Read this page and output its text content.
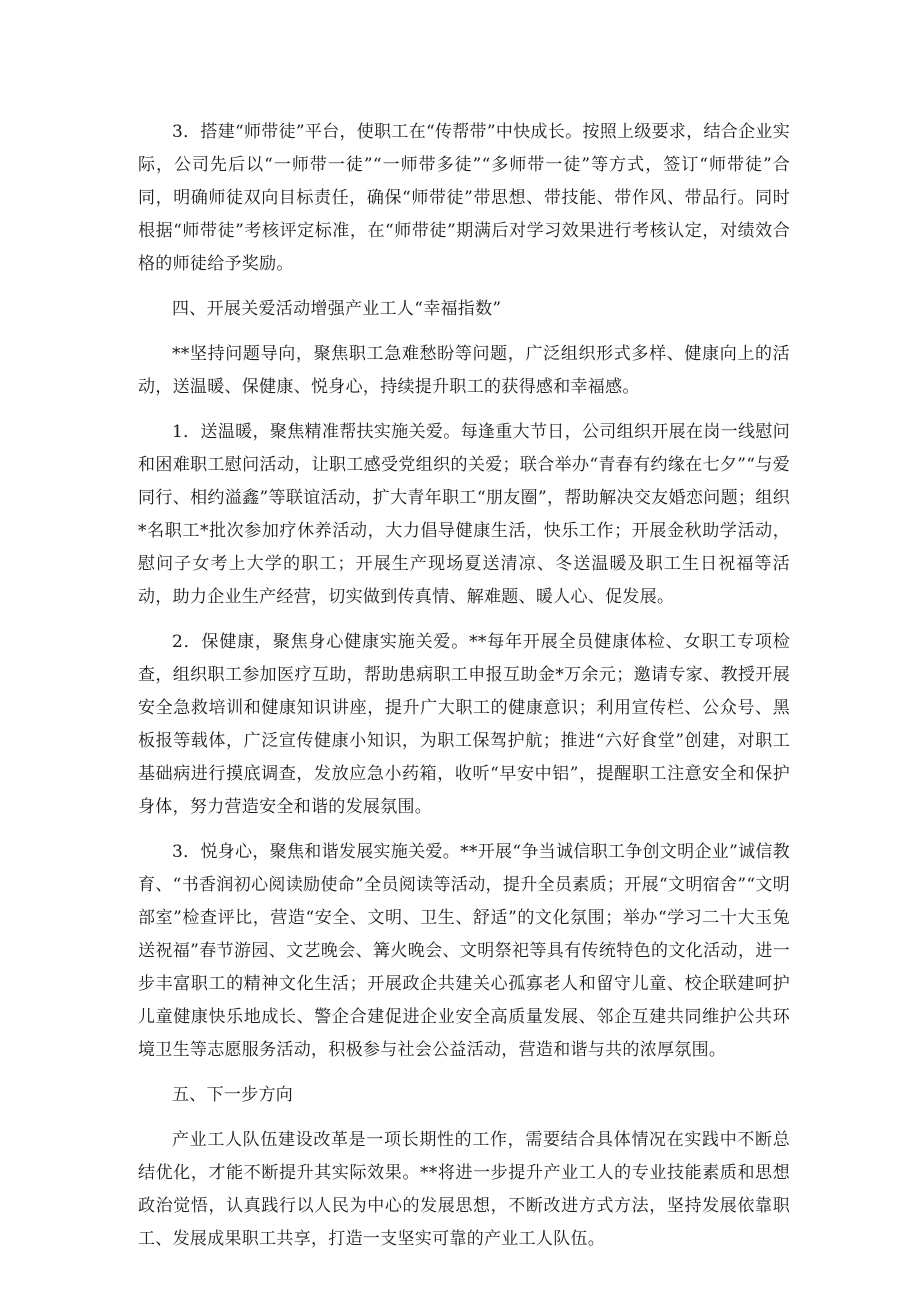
3．搭建“师带徒”平台，使职工在“传帮带”中快成长。按照上级要求，结合企业实际，公司先后以“一师带一徒”“一师带多徒”“多师带一徒”等方式，签订“师带徒”合同，明确师徒双向目标责任，确保“师带徒”带思想、带技能、带作风、带品行。同时根据“师带徒”考核评定标准，在“师带徒”期满后对学习效果进行考核认定，对绩效合格的师徒给予奖励。

四、开展关爱活动增强产业工人“幸福指数”

**坚持问题导向，聚焦职工急难愁盼等问题，广泛组织形式多样、健康向上的活动，送温暖、保健康、悦身心，持续提升职工的获得感和幸福感。

1．送温暖，聚焦精准帮扶实施关爱。每逢重大节日，公司组织开展在岗一线慰问和困难职工慰问活动，让职工感受党组织的关爱；联合举办“青春有约缘在七夕”“与爱同行、相约溢鑫”等联谊活动，扩大青年职工“朋友圈”，帮助解决交友婚恋问题；组织*名职工*批次参加疗休养活动，大力倡导健康生活，快乐工作；开展金秋助学活动，慰问子女考上大学的职工；开展生产现场夏送清凉、冬送温暖及职工生日祝福等活动，助力企业生产经营，切实做到传真情、解难题、暖人心、促发展。

2．保健康，聚焦身心健康实施关爱。**每年开展全员健康体检、女职工专项检查，组织职工参加医疗互助，帮助患病职工申报互助金*万余元；邀请专家、教授开展安全急救培训和健康知识讲座，提升广大职工的健康意识；利用宣传栏、公众号、黑板报等载体，广泛宣传健康小知识，为职工保驾护航；推进“六好食堂”创建，对职工基础病进行摸底调查，发放应急小药箱，收听“早安中铝”，提醒职工注意安全和保护身体，努力营造安全和谐的发展氛围。

3．悦身心，聚焦和谐发展实施关爱。**开展“争当诚信职工争创文明企业”诚信教育、“书香润初心阅读励使命”全员阅读等活动，提升全员素质；开展“文明宿舍”“文明部室”检查评比，营造“安全、文明、卫生、舒适”的文化氛围；举办“学习二十大玉兔送祝福”春节游园、文艺晚会、篝火晚会、文明祭祀等具有传统特色的文化活动，进一步丰富职工的精神文化生活；开展政企共建关心孤寡老人和留守儿童、校企联建呵护儿童健康快乐地成长、警企合建促进企业安全高质量发展、邻企互建共同维护公共环境卫生等志愿服务活动，积极参与社会公益活动，营造和谐与共的浓厚氛围。

五、下一步方向

产业工人队伍建设改革是一项长期性的工作，需要结合具体情况在实践中不断总结优化，才能不断提升其实际效果。**将进一步提升产业工人的专业技能素质和思想政治觉悟，认真践行以人民为中心的发展思想，不断改进方式方法，坚持发展依靠职工、发展成果职工共享，打造一支坚实可靠的产业工人队伍。
